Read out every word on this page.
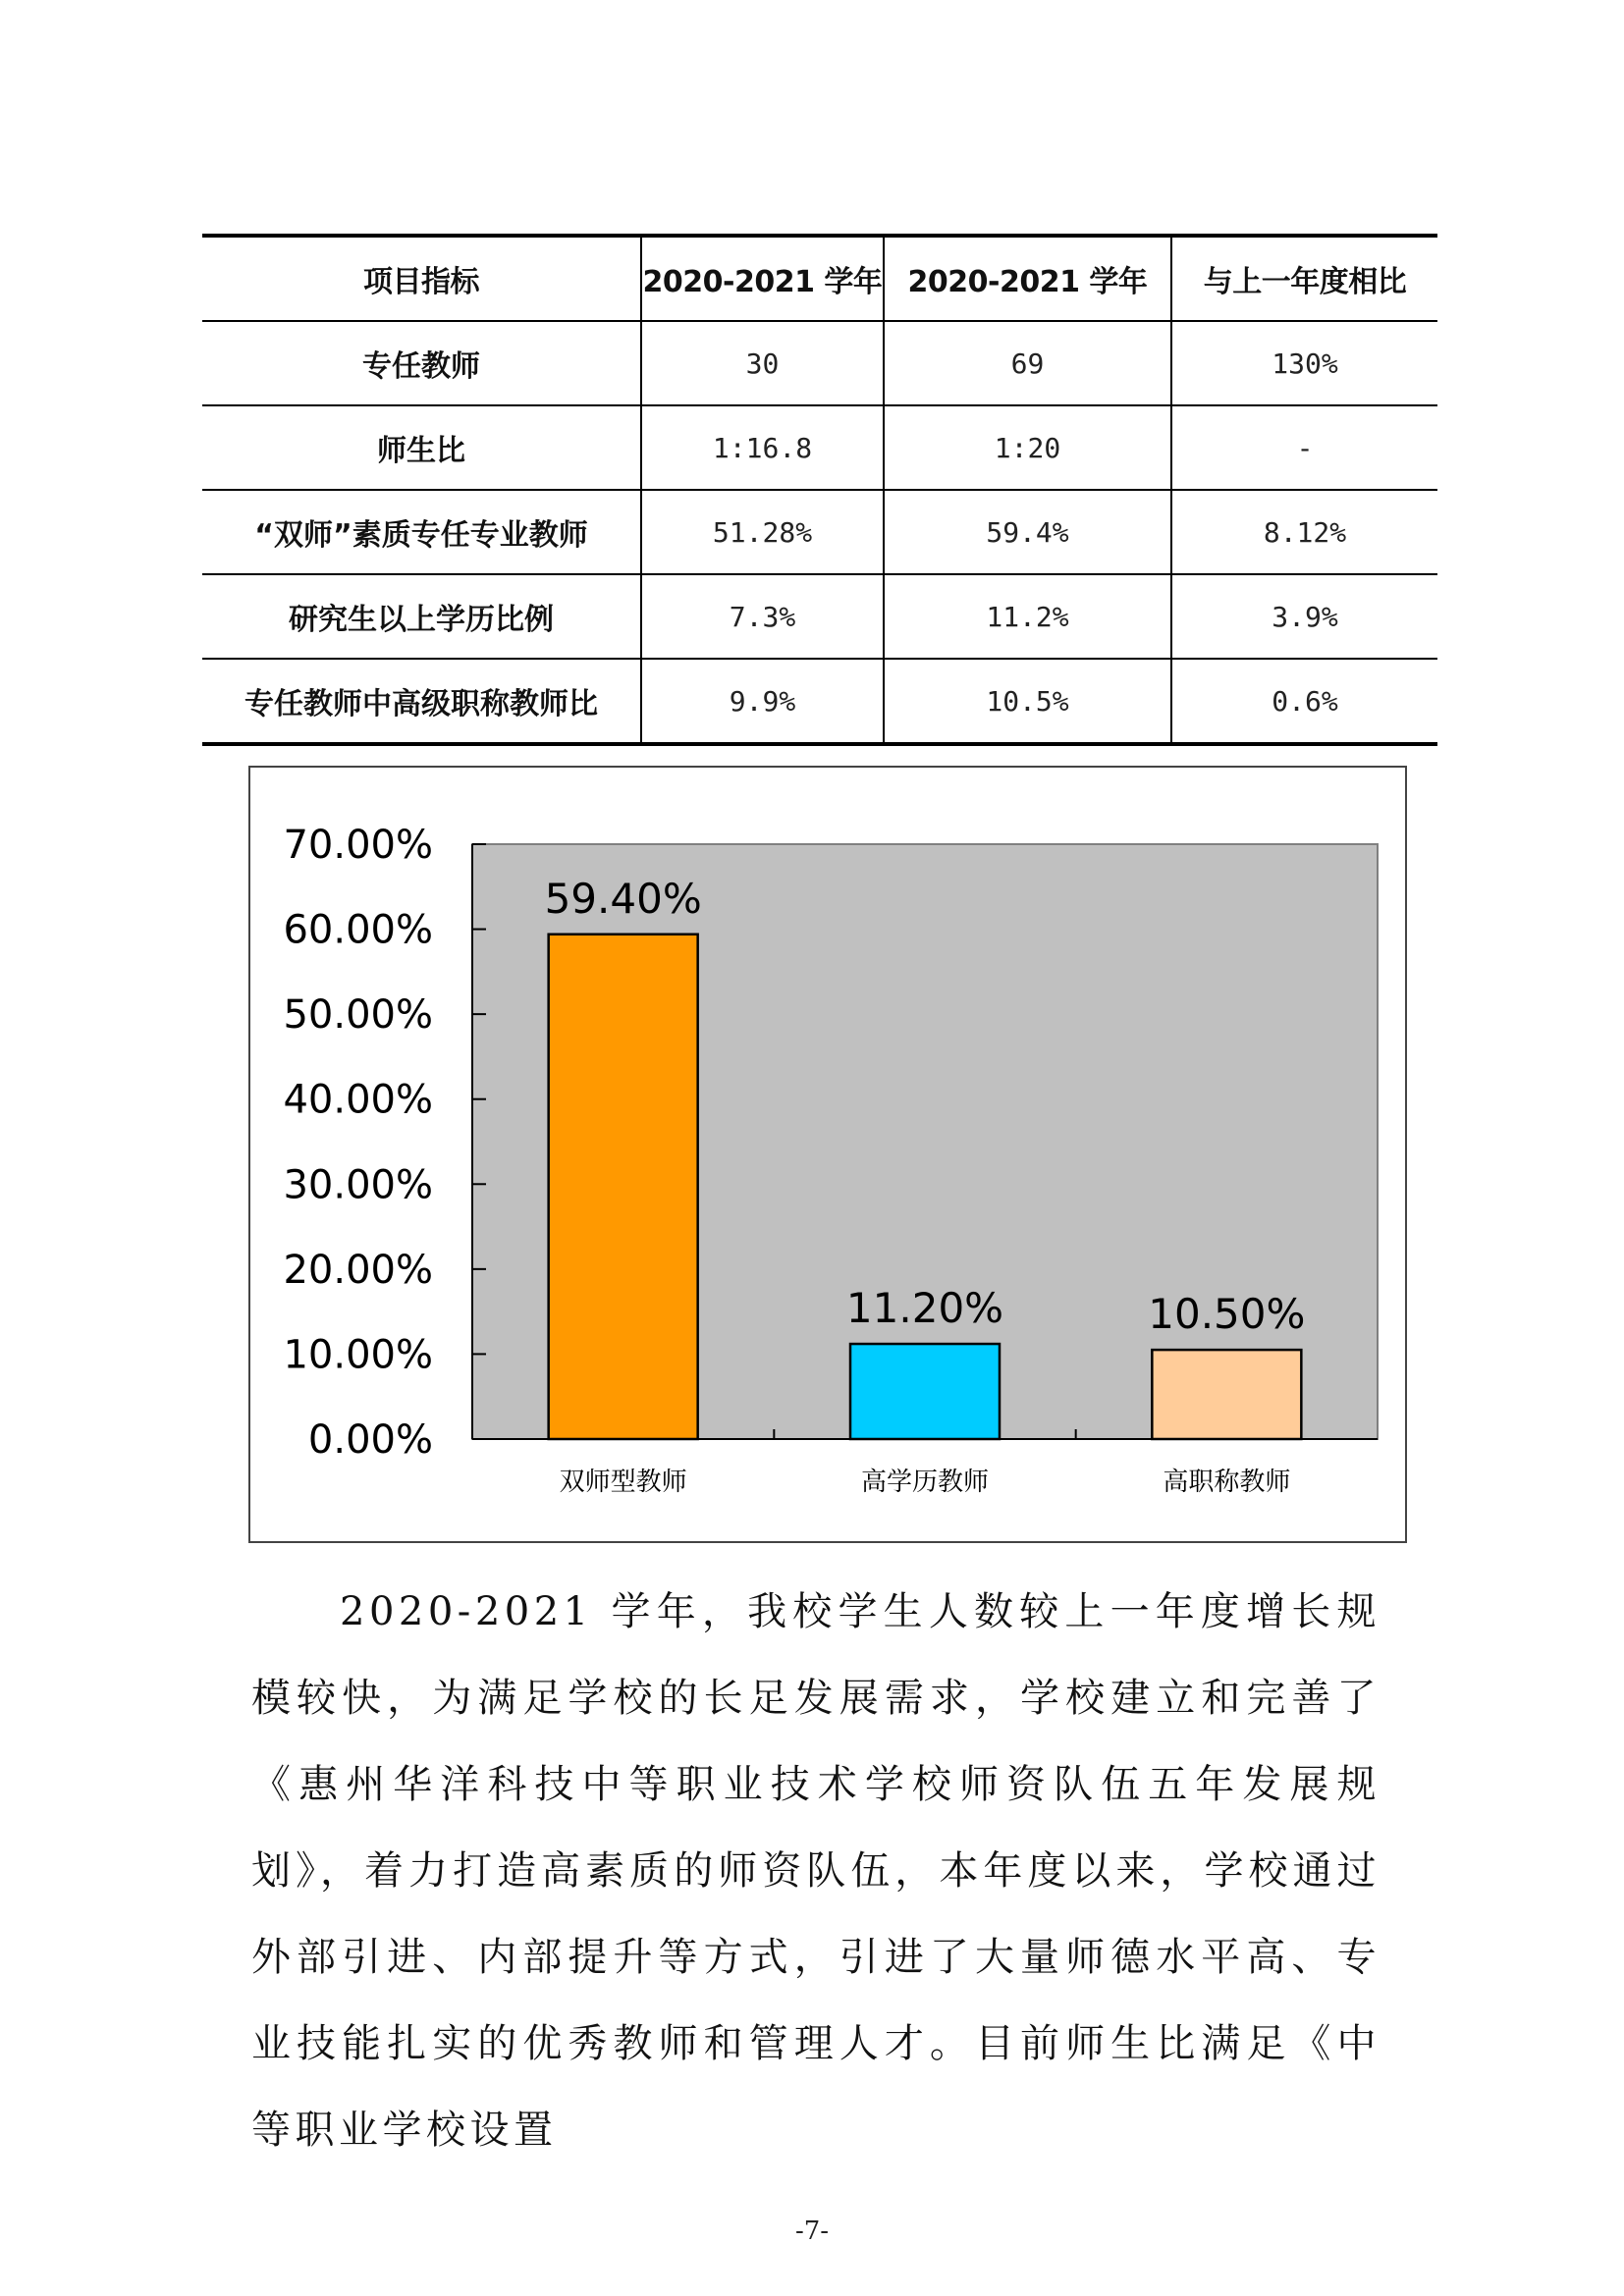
项目指标	2020-2021 学年	2020-2021 学年	与上一年度相比
专任教师	30	69	130%
师生比	1:16.8	1:20	-
“双师”素质专任专业教师	51.28%	59.4%	8.12%
研究生以上学历比例	7.3%	11.2%	3.9%
专任教师中高级职称教师比	9.9%	10.5%	0.6%
0.00%
10.00%
20.00%
30.00%
40.00%
50.00%
60.00%
70.00%
59.40%
双师型教师
11.20%
高学历教师
10.50%
高职称教师

2020-2021 学年，我校学生人数较上一年度增长规模较快，为满足学校的长足发展需求，学校建立和完善了《惠州华洋科技中等职业技术学校师资队伍五年发展规划》，着力打造高素质的师资队伍，本年度以来，学校通过外部引进、内部提升等方式，引进了大量师德水平高、专业技能扎实的优秀教师和管理人才。目前师生比满足《中等职业学校设置

-7-
